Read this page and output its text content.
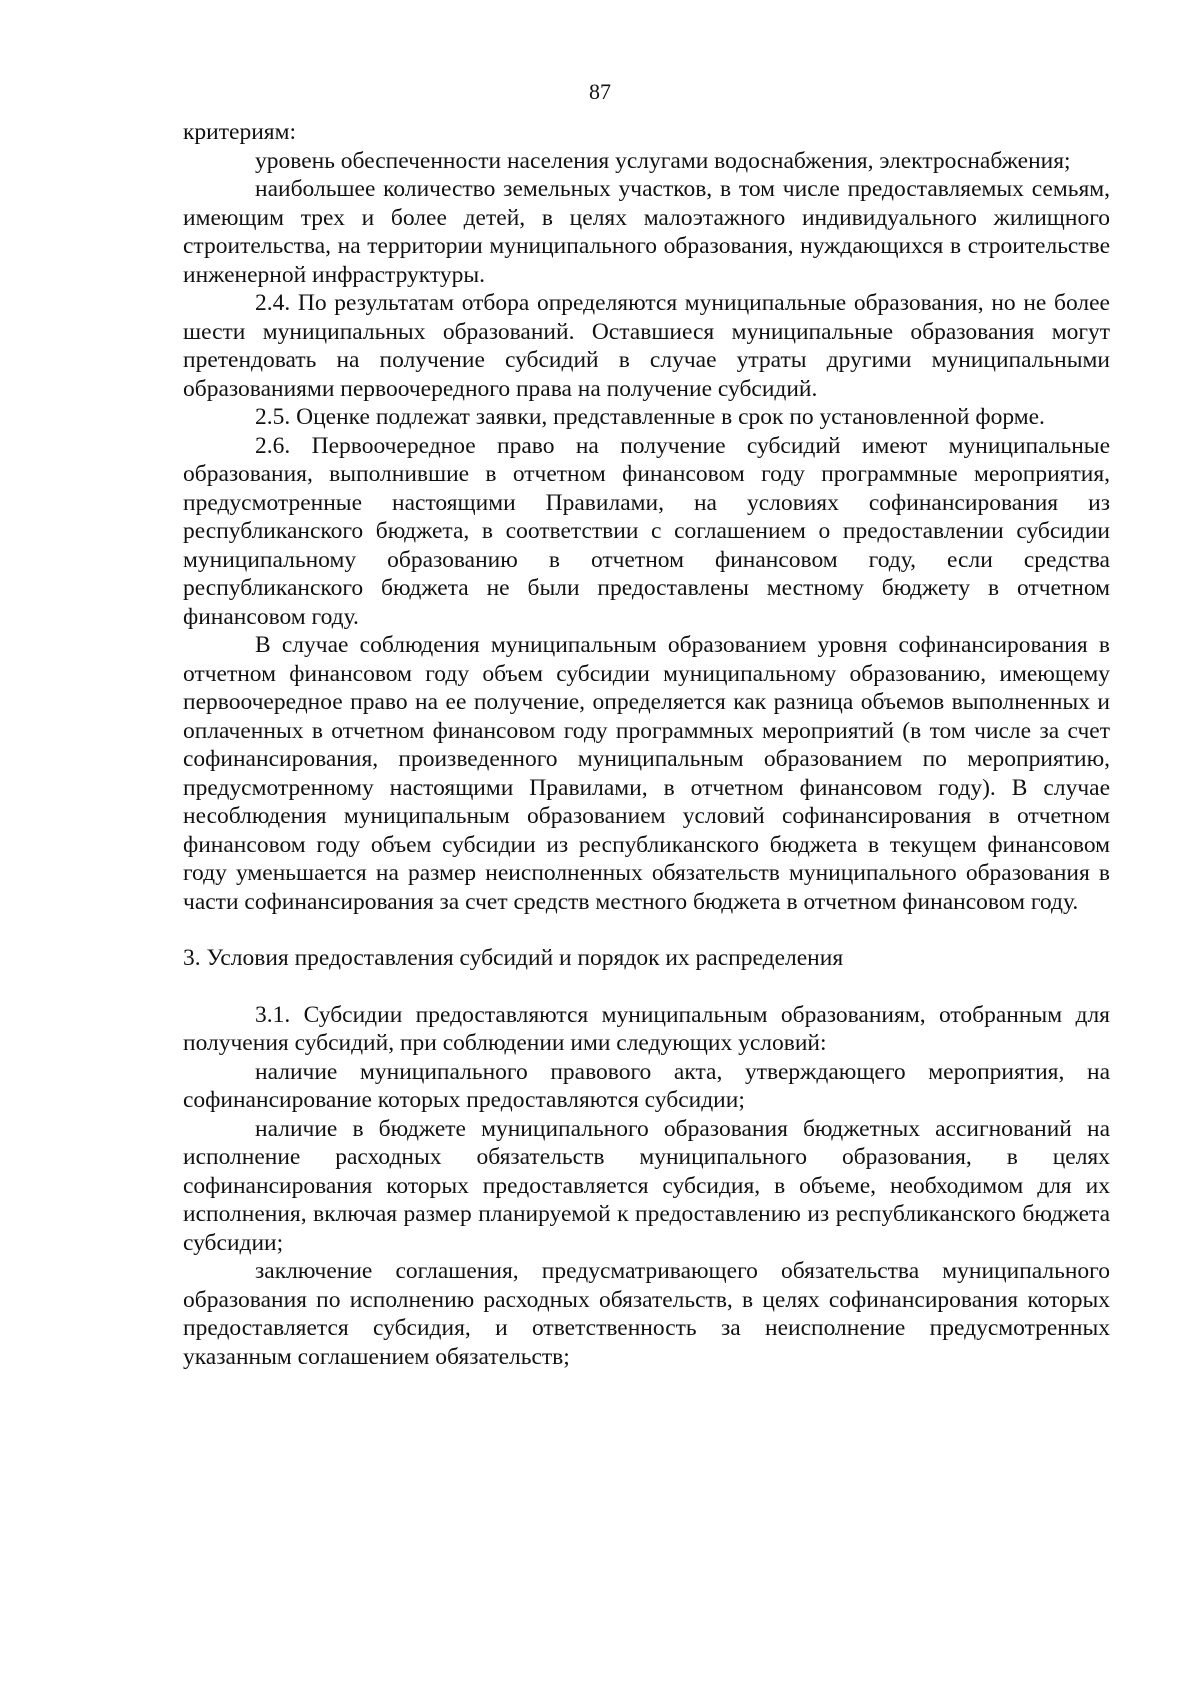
87

критериям:

уровень обеспеченности населения услугами водоснабжения, электроснабжения;

наибольшее количество земельных участков, в том числе предоставляемых семьям, имеющим трех и более детей, в целях малоэтажного индивидуального жилищного строительства, на территории муниципального образования, нуждающихся в строительстве инженерной инфраструктуры.

2.4. По результатам отбора определяются муниципальные образования, но не более шести муниципальных образований. Оставшиеся муниципальные образования могут претендовать на получение субсидий в случае утраты другими муниципальными образованиями первоочередного права на получение субсидий.

2.5. Оценке подлежат заявки, представленные в срок по установленной форме.

2.6. Первоочередное право на получение субсидий имеют муниципальные образования, выполнившие в отчетном финансовом году программные мероприятия, предусмотренные настоящими Правилами, на условиях софинансирования из республиканского бюджета, в соответствии с соглашением о предоставлении субсидии муниципальному образованию в отчетном финансовом году, если средства республиканского бюджета не были предоставлены местному бюджету в отчетном финансовом году.

В случае соблюдения муниципальным образованием уровня софинансирования в отчетном финансовом году объем субсидии муниципальному образованию, имеющему первоочередное право на ее получение, определяется как разница объемов выполненных и оплаченных в отчетном финансовом году программных мероприятий (в том числе за счет софинансирования, произведенного муниципальным образованием по мероприятию, предусмотренному настоящими Правилами, в отчетном финансовом году). В случае несоблюдения муниципальным образованием условий софинансирования в отчетном финансовом году объем субсидии из республиканского бюджета в текущем финансовом году уменьшается на размер неисполненных обязательств муниципального образования в части софинансирования за счет средств местного бюджета в отчетном финансовом году.

3. Условия предоставления субсидий и порядок их распределения

3.1. Субсидии предоставляются муниципальным образованиям, отобранным для получения субсидий, при соблюдении ими следующих условий:

наличие муниципального правового акта, утверждающего мероприятия, на софинансирование которых предоставляются субсидии;

наличие в бюджете муниципального образования бюджетных ассигнований на исполнение расходных обязательств муниципального образования, в целях софинансирования которых предоставляется субсидия, в объеме, необходимом для их исполнения, включая размер планируемой к предоставлению из республиканского бюджета субсидии;

заключение соглашения, предусматривающего обязательства муниципального образования по исполнению расходных обязательств, в целях софинансирования которых предоставляется субсидия, и ответственность за неисполнение предусмотренных указанным соглашением обязательств;
